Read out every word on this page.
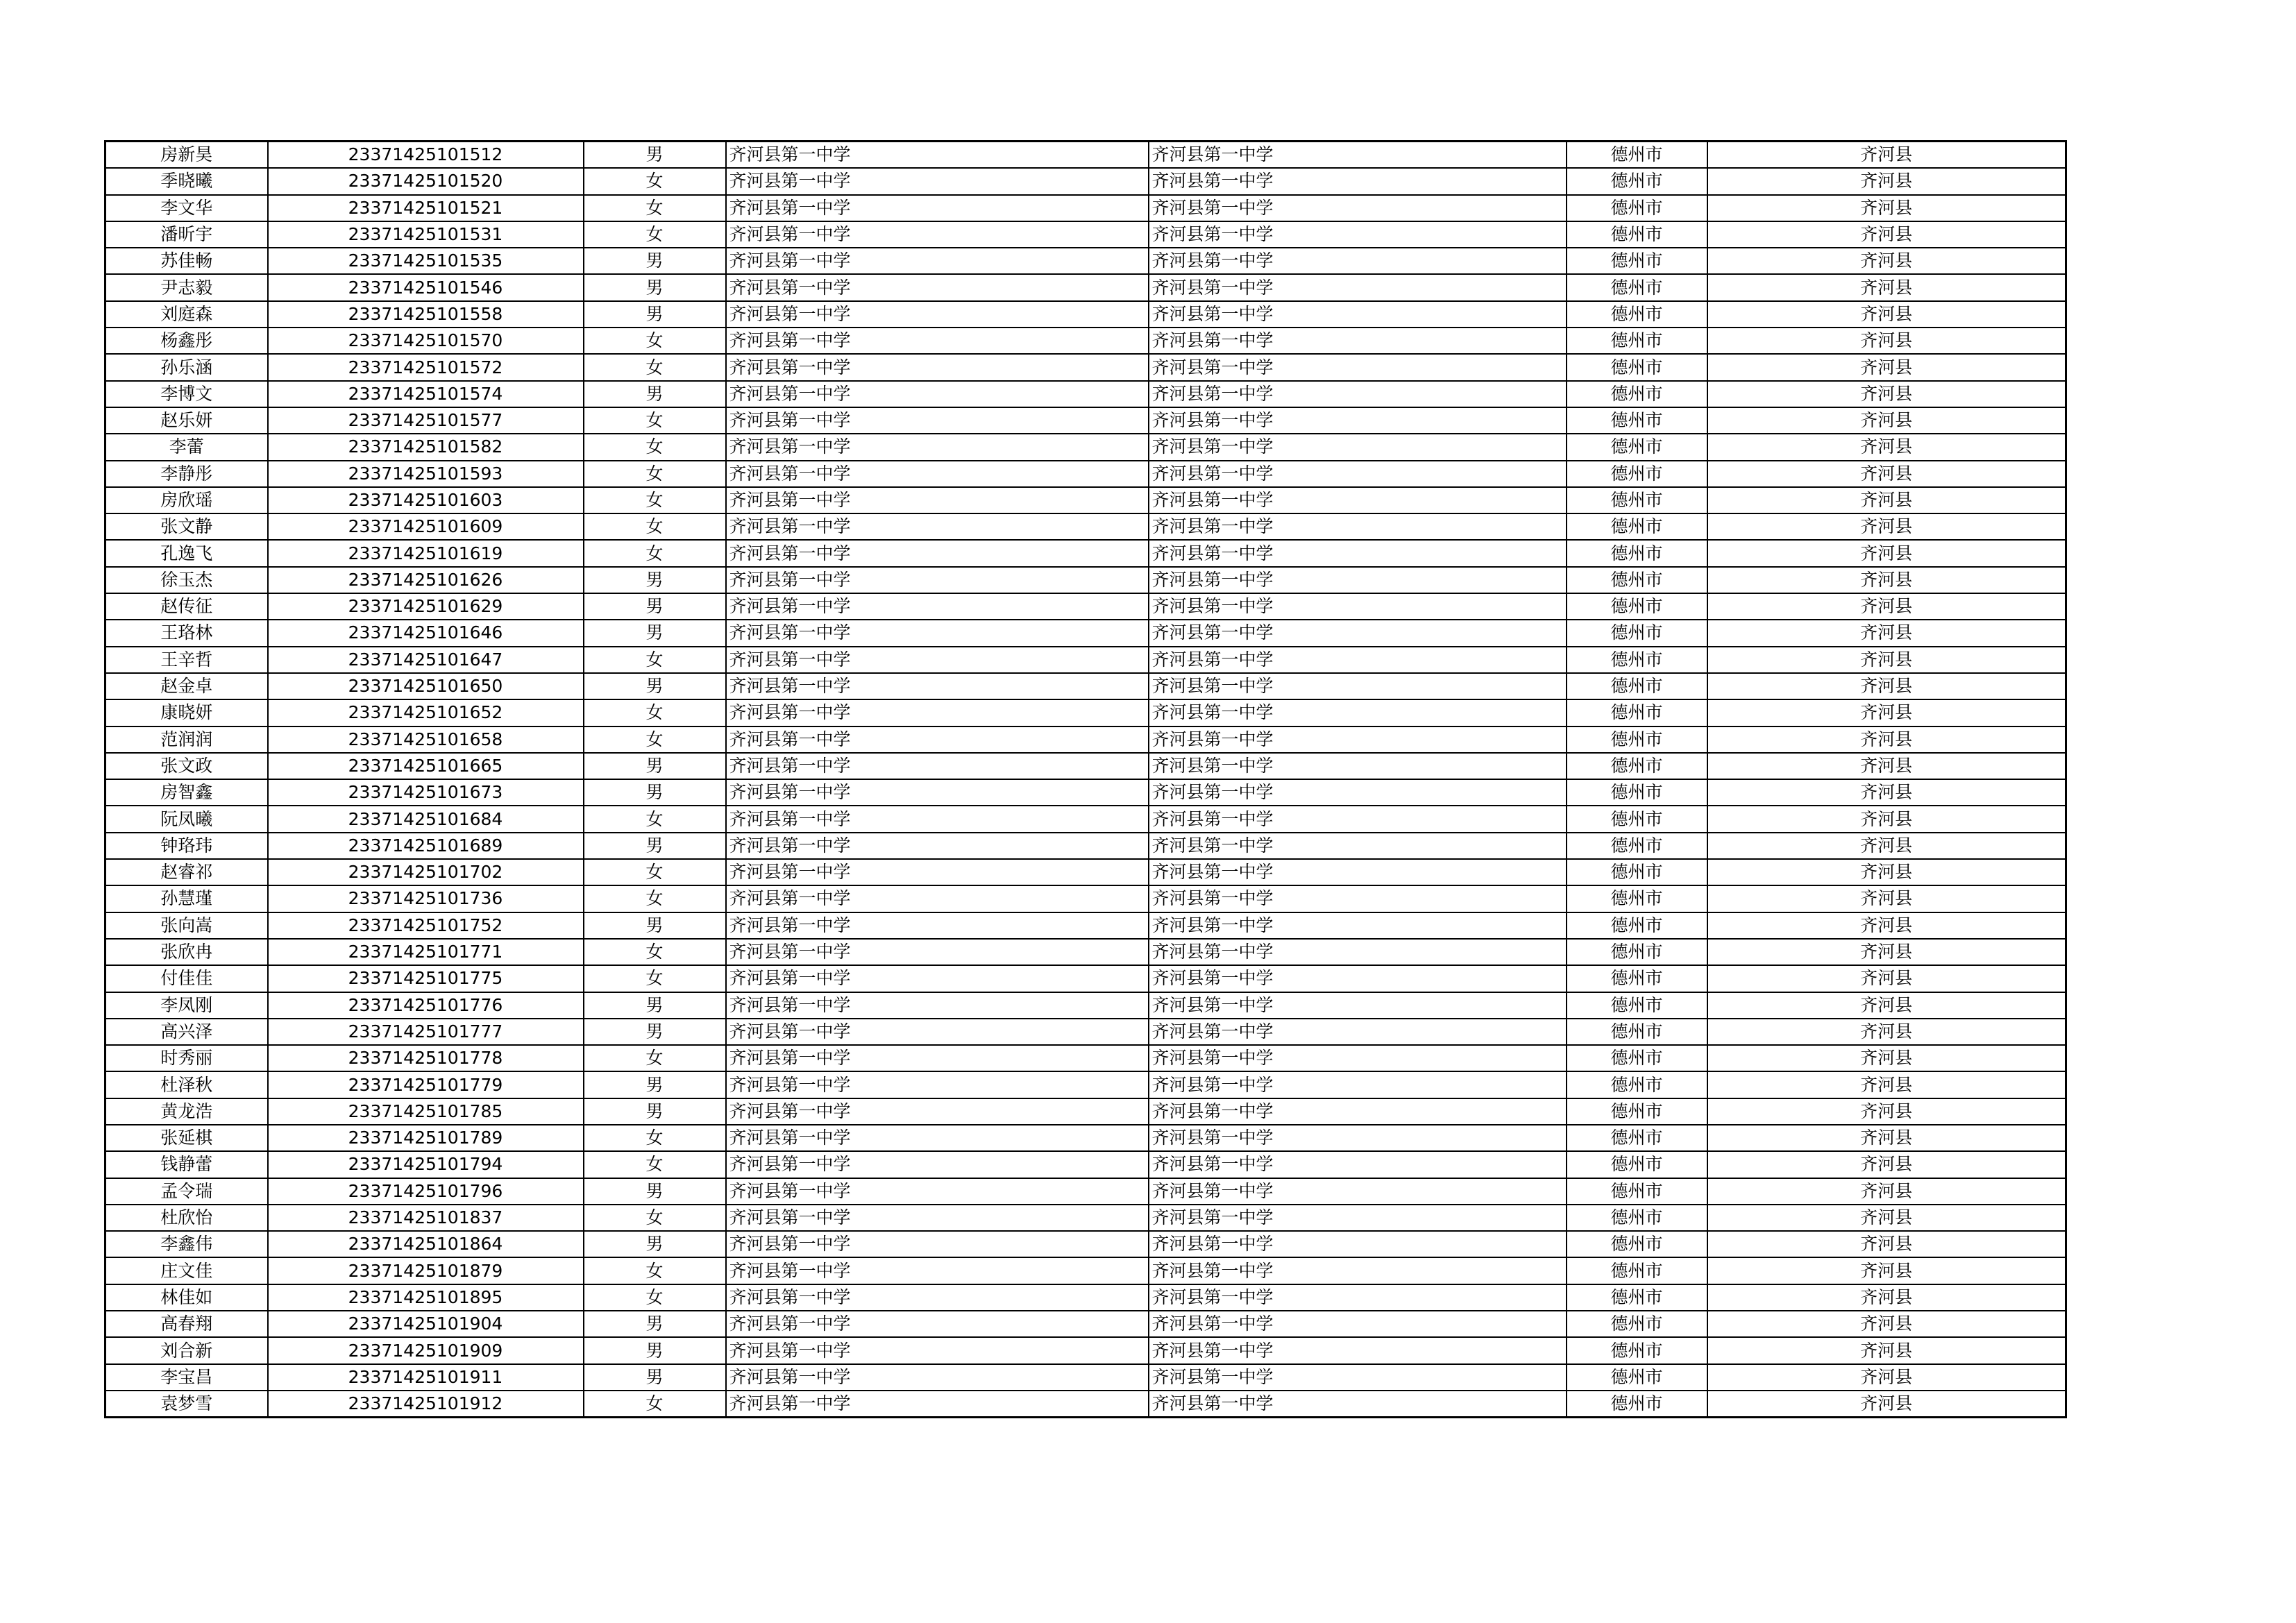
房新昊	23371425101512	男	齐河县第一中学	齐河县第一中学	德州市	齐河县
季晓曦	23371425101520	女	齐河县第一中学	齐河县第一中学	德州市	齐河县
李文华	23371425101521	女	齐河县第一中学	齐河县第一中学	德州市	齐河县
潘昕宇	23371425101531	女	齐河县第一中学	齐河县第一中学	德州市	齐河县
苏佳畅	23371425101535	男	齐河县第一中学	齐河县第一中学	德州市	齐河县
尹志毅	23371425101546	男	齐河县第一中学	齐河县第一中学	德州市	齐河县
刘庭森	23371425101558	男	齐河县第一中学	齐河县第一中学	德州市	齐河县
杨鑫彤	23371425101570	女	齐河县第一中学	齐河县第一中学	德州市	齐河县
孙乐涵	23371425101572	女	齐河县第一中学	齐河县第一中学	德州市	齐河县
李博文	23371425101574	男	齐河县第一中学	齐河县第一中学	德州市	齐河县
赵乐妍	23371425101577	女	齐河县第一中学	齐河县第一中学	德州市	齐河县
李蕾	23371425101582	女	齐河县第一中学	齐河县第一中学	德州市	齐河县
李静彤	23371425101593	女	齐河县第一中学	齐河县第一中学	德州市	齐河县
房欣瑶	23371425101603	女	齐河县第一中学	齐河县第一中学	德州市	齐河县
张文静	23371425101609	女	齐河县第一中学	齐河县第一中学	德州市	齐河县
孔逸飞	23371425101619	女	齐河县第一中学	齐河县第一中学	德州市	齐河县
徐玉杰	23371425101626	男	齐河县第一中学	齐河县第一中学	德州市	齐河县
赵传征	23371425101629	男	齐河县第一中学	齐河县第一中学	德州市	齐河县
王珞林	23371425101646	男	齐河县第一中学	齐河县第一中学	德州市	齐河县
王辛哲	23371425101647	女	齐河县第一中学	齐河县第一中学	德州市	齐河县
赵金卓	23371425101650	男	齐河县第一中学	齐河县第一中学	德州市	齐河县
康晓妍	23371425101652	女	齐河县第一中学	齐河县第一中学	德州市	齐河县
范润润	23371425101658	女	齐河县第一中学	齐河县第一中学	德州市	齐河县
张文政	23371425101665	男	齐河县第一中学	齐河县第一中学	德州市	齐河县
房智鑫	23371425101673	男	齐河县第一中学	齐河县第一中学	德州市	齐河县
阮凤曦	23371425101684	女	齐河县第一中学	齐河县第一中学	德州市	齐河县
钟珞玮	23371425101689	男	齐河县第一中学	齐河县第一中学	德州市	齐河县
赵睿祁	23371425101702	女	齐河县第一中学	齐河县第一中学	德州市	齐河县
孙慧瑾	23371425101736	女	齐河县第一中学	齐河县第一中学	德州市	齐河县
张向嵩	23371425101752	男	齐河县第一中学	齐河县第一中学	德州市	齐河县
张欣冉	23371425101771	女	齐河县第一中学	齐河县第一中学	德州市	齐河县
付佳佳	23371425101775	女	齐河县第一中学	齐河县第一中学	德州市	齐河县
李凤刚	23371425101776	男	齐河县第一中学	齐河县第一中学	德州市	齐河县
高兴泽	23371425101777	男	齐河县第一中学	齐河县第一中学	德州市	齐河县
时秀丽	23371425101778	女	齐河县第一中学	齐河县第一中学	德州市	齐河县
杜泽秋	23371425101779	男	齐河县第一中学	齐河县第一中学	德州市	齐河县
黄龙浩	23371425101785	男	齐河县第一中学	齐河县第一中学	德州市	齐河县
张延棋	23371425101789	女	齐河县第一中学	齐河县第一中学	德州市	齐河县
钱静蕾	23371425101794	女	齐河县第一中学	齐河县第一中学	德州市	齐河县
孟令瑞	23371425101796	男	齐河县第一中学	齐河县第一中学	德州市	齐河县
杜欣怡	23371425101837	女	齐河县第一中学	齐河县第一中学	德州市	齐河县
李鑫伟	23371425101864	男	齐河县第一中学	齐河县第一中学	德州市	齐河县
庄文佳	23371425101879	女	齐河县第一中学	齐河县第一中学	德州市	齐河县
林佳如	23371425101895	女	齐河县第一中学	齐河县第一中学	德州市	齐河县
高春翔	23371425101904	男	齐河县第一中学	齐河县第一中学	德州市	齐河县
刘合新	23371425101909	男	齐河县第一中学	齐河县第一中学	德州市	齐河县
李宝昌	23371425101911	男	齐河县第一中学	齐河县第一中学	德州市	齐河县
袁梦雪	23371425101912	女	齐河县第一中学	齐河县第一中学	德州市	齐河县
